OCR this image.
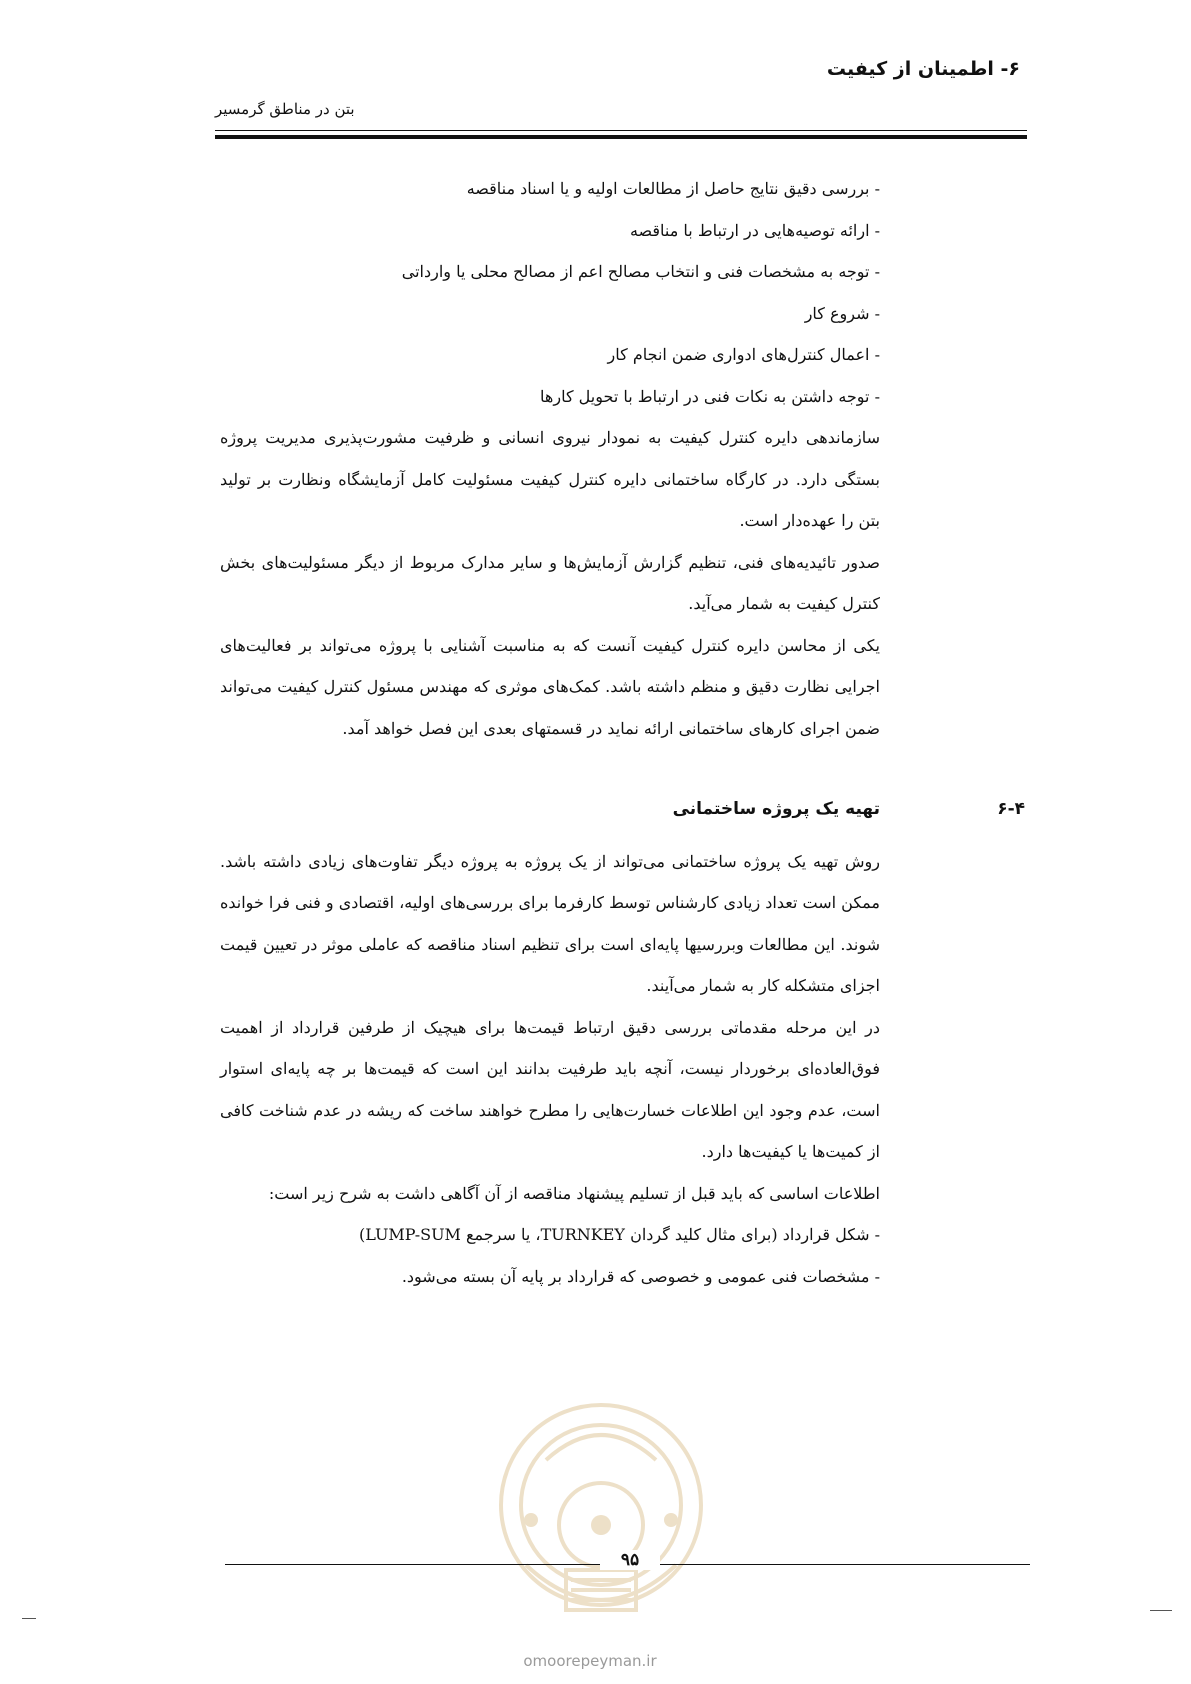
۶- اطمینان از کیفیت
بتن در مناطق گرمسیر
- بررسی دقیق نتایج حاصل از مطالعات اولیه و یا اسناد مناقصه
- ارائه توصیه‌هایی در ارتباط با مناقصه
- توجه به مشخصات فنی و انتخاب مصالح اعم از مصالح محلی یا وارداتی
- شروع کار
- اعمال کنترل‌های ادواری ضمن انجام کار
- توجه داشتن به نکات فنی در ارتباط با تحویل کارها

سازماندهی دایره کنترل کیفیت به نمودار نیروی انسانی و ظرفیت مشورت‌پذیری مدیریت پروژه بستگی دارد. در کارگاه ساختمانی دایره کنترل کیفیت مسئولیت کامل آزمایشگاه ونظارت بر تولید بتن را عهده‌دار است.

صدور تائیدیه‌های فنی، تنظیم گزارش آزمایش‌ها و سایر مدارک مربوط از دیگر مسئولیت‌های بخش کنترل کیفیت به شمار می‌آید.

یکی از محاسن دایره کنترل کیفیت آنست که به مناسبت آشنایی با پروژه می‌تواند بر فعالیت‌های اجرایی نظارت دقیق و منظم داشته باشد. کمک‌های موثری که مهندس مسئول کنترل کیفیت می‌تواند ضمن اجرای کارهای ساختمانی ارائه نماید در قسمتهای بعدی این فصل خواهد آمد.

تهیه یک پروژه ساختمانی	۶-۴

روش تهیه یک پروژه ساختمانی می‌تواند از یک پروژه به پروژه دیگر تفاوت‌های زیادی داشته باشد. ممکن است تعداد زیادی کارشناس توسط کارفرما برای بررسی‌های اولیه، اقتصادی و فنی فرا خوانده شوند. این مطالعات وبررسیها پایه‌ای است برای تنظیم اسناد مناقصه که عاملی موثر در تعیین قیمت اجزای متشکله کار به شمار می‌آیند.

در این مرحله مقدماتی بررسی دقیق ارتباط قیمت‌ها برای هیچیک از طرفین قرارداد از اهمیت فوق‌العاده‌ای برخوردار نیست، آنچه باید طرفیت بدانند این است که قیمت‌ها بر چه پایه‌ای استوار است، عدم وجود این اطلاعات خسارت‌هایی را مطرح خواهند ساخت که ریشه در عدم شناخت کافی از کمیت‌ها یا کیفیت‌ها دارد.

اطلاعات اساسی که باید قبل از تسلیم پیشنهاد مناقصه از آن آگاهی داشت به شرح زیر است:

- شکل قرارداد (برای مثال کلید گردان TURNKEY، یا سرجمع LUMP-SUM)
- مشخصات فنی عمومی و خصوصی که قرارداد بر پایه آن بسته می‌شود.
۹۵
omoorepeyman.ir
